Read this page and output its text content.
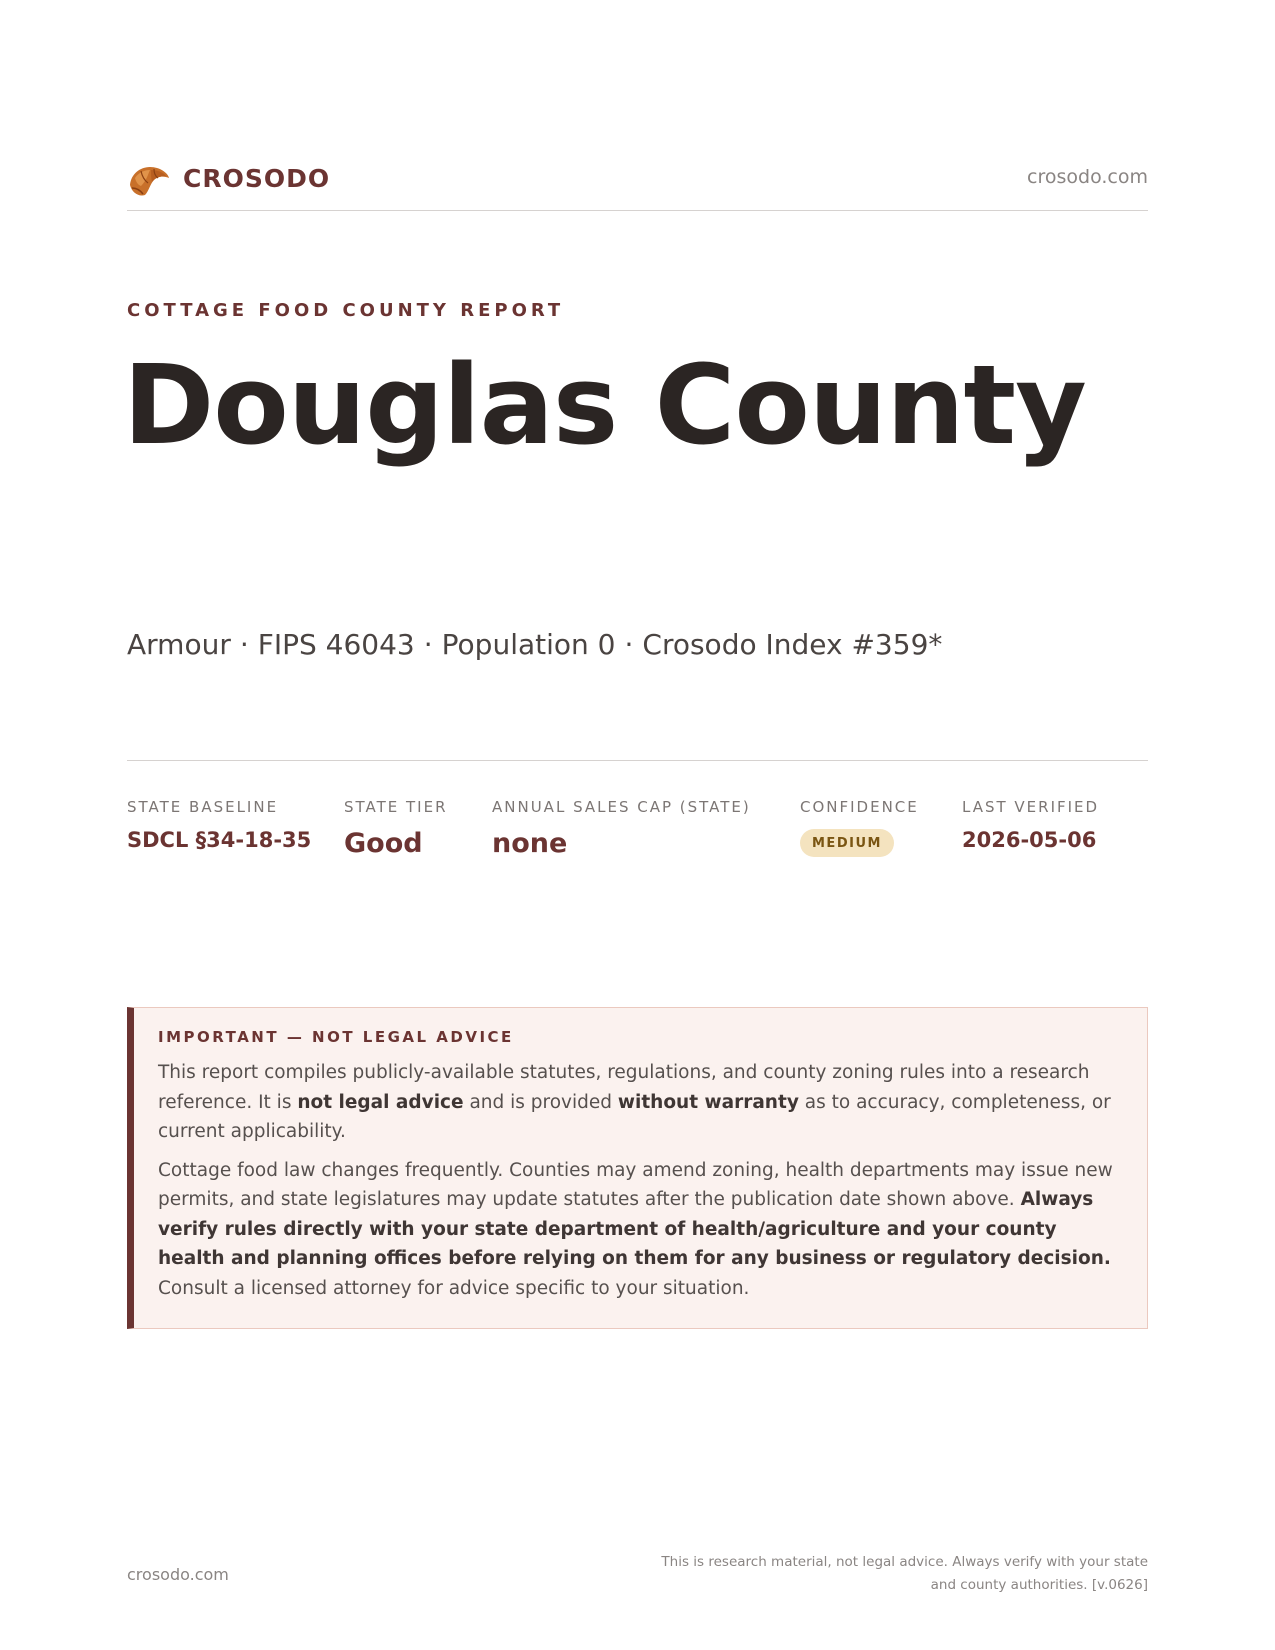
CROSODO	crosodo.com
COTTAGE FOOD COUNTY REPORT
Douglas County
Armour · FIPS 46043 · Population 0 · Crosodo Index #359*
STATE BASELINE
SDCL §34-18-35
STATE TIER
Good
ANNUAL SALES CAP (STATE)
none
CONFIDENCE
MEDIUM
LAST VERIFIED
2026-05-06
IMPORTANT — NOT LEGAL ADVICE

This report compiles publicly-available statutes, regulations, and county zoning rules into a research reference. It is not legal advice and is provided without warranty as to accuracy, completeness, or current applicability.

Cottage food law changes frequently. Counties may amend zoning, health departments may issue new permits, and state legislatures may update statutes after the publication date shown above. Always verify rules directly with your state department of health/agriculture and your county health and planning offices before relying on them for any business or regulatory decision. Consult a licensed attorney for advice specific to your situation.

crosodo.com
This is research material, not legal advice. Always verify with your state
and county authorities. [v.0626]
